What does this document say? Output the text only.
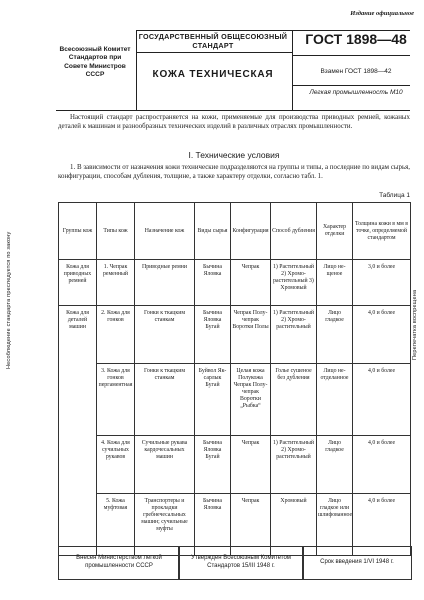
Издание официальное
Несоблюдение стандарта преследуется по закону	Перепечатка воспрещена
Всесоюзный Комитет Стандартов при Совете Министров СССР
ГОСУДАРСТВЕННЫЙ ОБЩЕСОЮЗНЫЙ СТАНДАРТ
КОЖА ТЕХНИЧЕСКАЯ
ГОСТ 1898—48
Взамен ГОСТ 1898—42
Легкая промышленность М10
Настоящий стандарт распространяется на кожи, применяемые для производства приводных ремней, кожаных деталей к машинам и разнообразных технических изделий в различных отраслях промышленности.
I. Технические условия
1. В зависимости от назначения кожи технические подразделяются на группы и типы, а последние по видам сырья, конфигурации, способам дубления, толщине, а также характеру отделки, согласно табл. 1.
Таблица 1
Группы кож	Типы кож	Назначение кож	Виды сырья	Конфигурация	Способ дубления	Характер отделки	Толщина кожи в мм в точке, определяемой стандартом
Кожа для приводных ремней	1. Чепрак ременный	Приводные ремни	Бычина Яловка	Чепрак	1) Растительный 2) Хромо-растительный 3) Хромовый	Лицо не-щеное	3,0 и более
Кожа для деталей машин	2. Кожа для гонков	Гонки к ткацким станкам	Бычина Яловка Бугай	Чепрак Полу-чепрак Воротки Полы	1) Растительный 2) Хромо-растительный	Лицо гладкое	4,0 и более
	3. Кожа для гонков пергаментная	Гонки к ткацким станкам	Буйвол Як-сарлык Бугай	Целая кожа Полукожа Чепрак Полу-чепрак Воротки „Рыбка“	Голье сушеное без дубления	Лицо не-отделанное	4,0 и более
	4. Кожа для сучильных рукавов	Сучильные рукава кардочесальных машин	Бычина Яловка Бугай	Чепрак	1) Растительный 2) Хромо-растительный	Лицо гладкое	4,0 и более
	5. Кожа муфтовая	Транспортеры и прокладки гребнечесальных машин; сучильные муфты	Бычина Яловка	Чепрак	Хромовый	Лицо гладкое или шлифованное	4,0 и более
Внесен Министерством легкой промышленности СССР
Утвержден Всесоюзным Комитетом Стандартов 15/III 1948 г.
Срок введения 1/VI 1948 г.
